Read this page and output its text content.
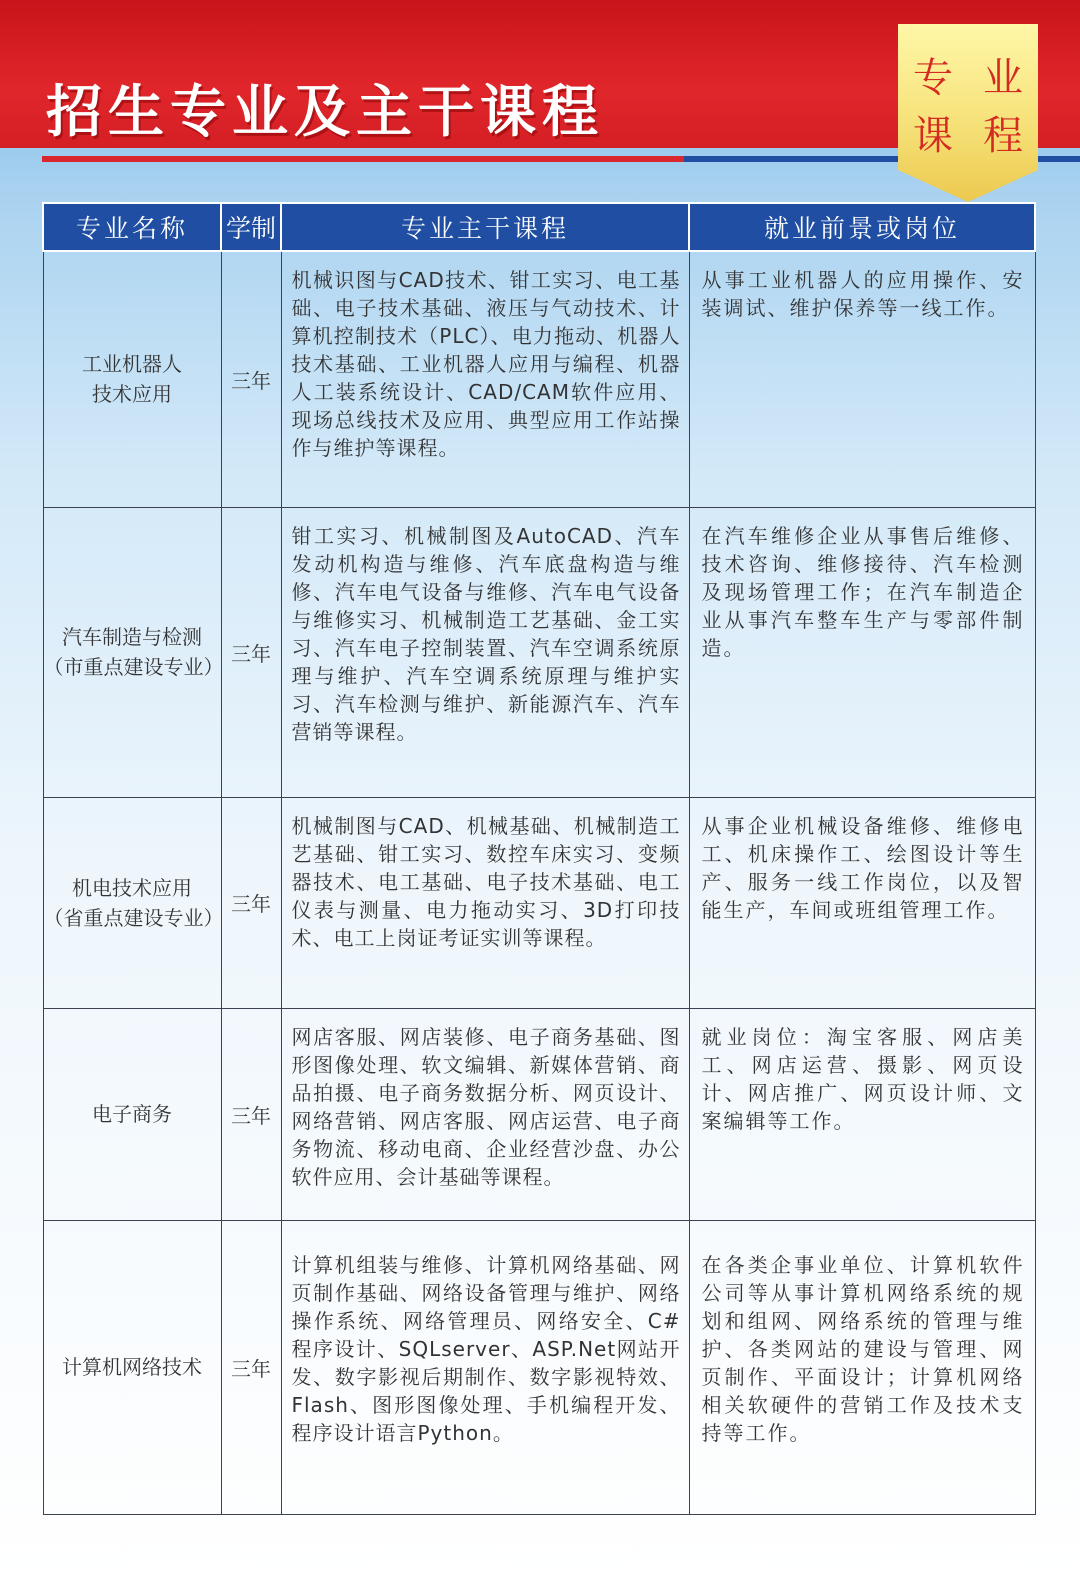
招生专业及主干课程
专 业
课 程
专业名称	学制	专业主干课程	就业前景或岗位

工业机器人
技术应用	三年	机械识图与CAD技术、钳工实习、电工基础、电子技术基础、液压与气动技术、计算机控制技术（PLC）、电力拖动、机器人技术基础、工业机器人应用与编程、机器人工装系统设计、CAD/CAM软件应用、现场总线技术及应用、典型应用工作站操作与维护等课程。	从事工业机器人的应用操作、安装调试、维护保养等一线工作。

汽车制造与检测
（市重点建设专业）	三年	钳工实习、机械制图及AutoCAD、汽车发动机构造与维修、汽车底盘构造与维修、汽车电气设备与维修、汽车电气设备与维修实习、机械制造工艺基础、金工实习、汽车电子控制装置、汽车空调系统原理与维护、汽车空调系统原理与维护实习、汽车检测与维护、新能源汽车、汽车营销等课程。	在汽车维修企业从事售后维修、技术咨询、维修接待、汽车检测及现场管理工作；在汽车制造企业从事汽车整车生产与零部件制造。

机电技术应用
（省重点建设专业）	三年	机械制图与CAD、机械基础、机械制造工艺基础、钳工实习、数控车床实习、变频器技术、电工基础、电子技术基础、电工仪表与测量、电力拖动实习、3D打印技术、电工上岗证考证实训等课程。	从事企业机械设备维修、维修电工、机床操作工、绘图设计等生产、服务一线工作岗位，以及智能生产，车间或班组管理工作。

电子商务	三年	网店客服、网店装修、电子商务基础、图形图像处理、软文编辑、新媒体营销、商品拍摄、电子商务数据分析、网页设计、网络营销、网店客服、网店运营、电子商务物流、移动电商、企业经营沙盘、办公软件应用、会计基础等课程。	就业岗位：淘宝客服、网店美工、网店运营、摄影、网页设计、网店推广、网页设计师、文案编辑等工作。

计算机网络技术	三年	计算机组装与维修、计算机网络基础、网页制作基础、网络设备管理与维护、网络操作系统、网络管理员、网络安全、C#程序设计、SQLserver、ASP.Net网站开发、数字影视后期制作、数字影视特效、Flash、图形图像处理、手机编程开发、程序设计语言Python。	在各类企事业单位、计算机软件公司等从事计算机网络系统的规划和组网、网络系统的管理与维护、各类网站的建设与管理、网页制作、平面设计；计算机网络相关软硬件的营销工作及技术支持等工作。
